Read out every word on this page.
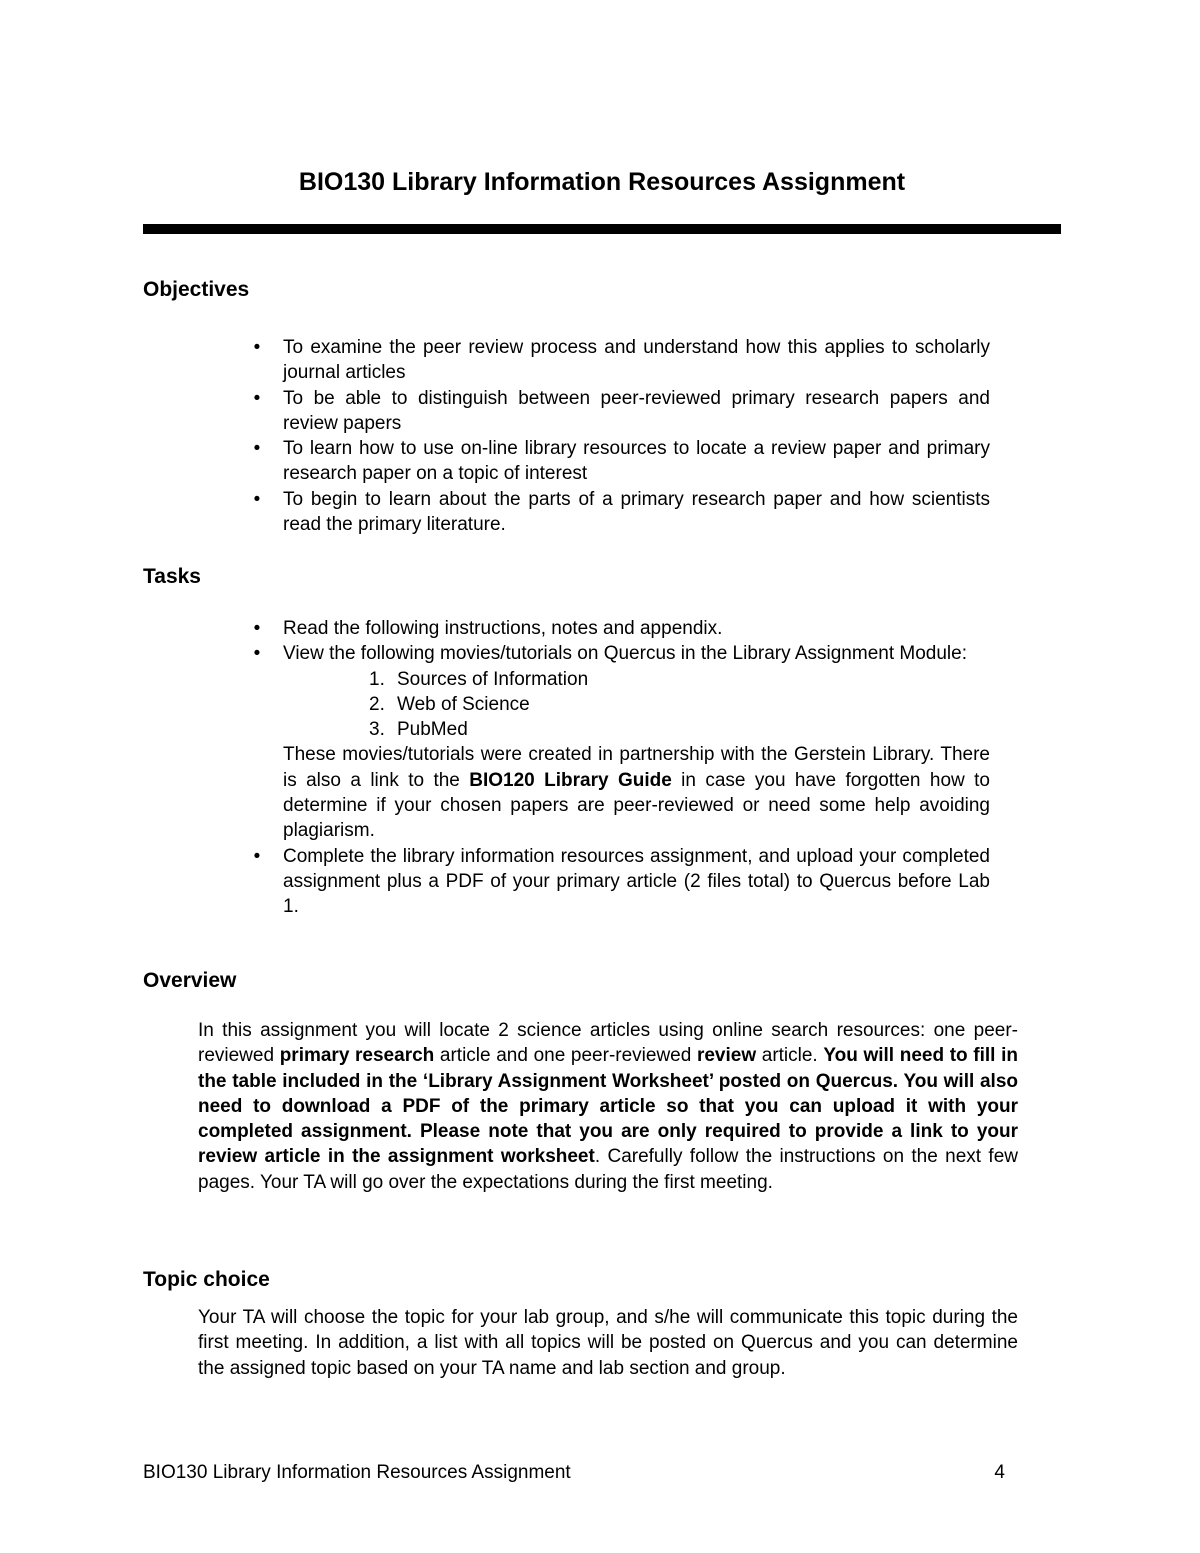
BIO130 Library Information Resources Assignment
Objectives
•	To examine the peer review process and understand how this applies to scholarly journal articles
•	To be able to distinguish between peer-reviewed primary research papers and review papers
•	To learn how to use on-line library resources to locate a review paper and primary research paper on a topic of interest
•	To begin to learn about the parts of a primary research paper and how scientists read the primary literature.
Tasks
•	Read the following instructions, notes and appendix.
•	View the following movies/tutorials on Quercus in the Library Assignment Module:
1. Sources of Information
2. Web of Science
3. PubMed
These movies/tutorials were created in partnership with the Gerstein Library. There is also a link to the BIO120 Library Guide in case you have forgotten how to determine if your chosen papers are peer-reviewed or need some help avoiding plagiarism.
•	Complete the library information resources assignment, and upload your completed assignment plus a PDF of your primary article (2 files total) to Quercus before Lab 1.
Overview
In this assignment you will locate 2 science articles using online search resources: one peer-reviewed primary research article and one peer-reviewed review article. You will need to fill in the table included in the ‘Library Assignment Worksheet’ posted on Quercus. You will also need to download a PDF of the primary article so that you can upload it with your completed assignment. Please note that you are only required to provide a link to your review article in the assignment worksheet. Carefully follow the instructions on the next few pages. Your TA will go over the expectations during the first meeting.
Topic choice
Your TA will choose the topic for your lab group, and s/he will communicate this topic during the first meeting. In addition, a list with all topics will be posted on Quercus and you can determine the assigned topic based on your TA name and lab section and group.
BIO130 Library Information Resources Assignment	4
